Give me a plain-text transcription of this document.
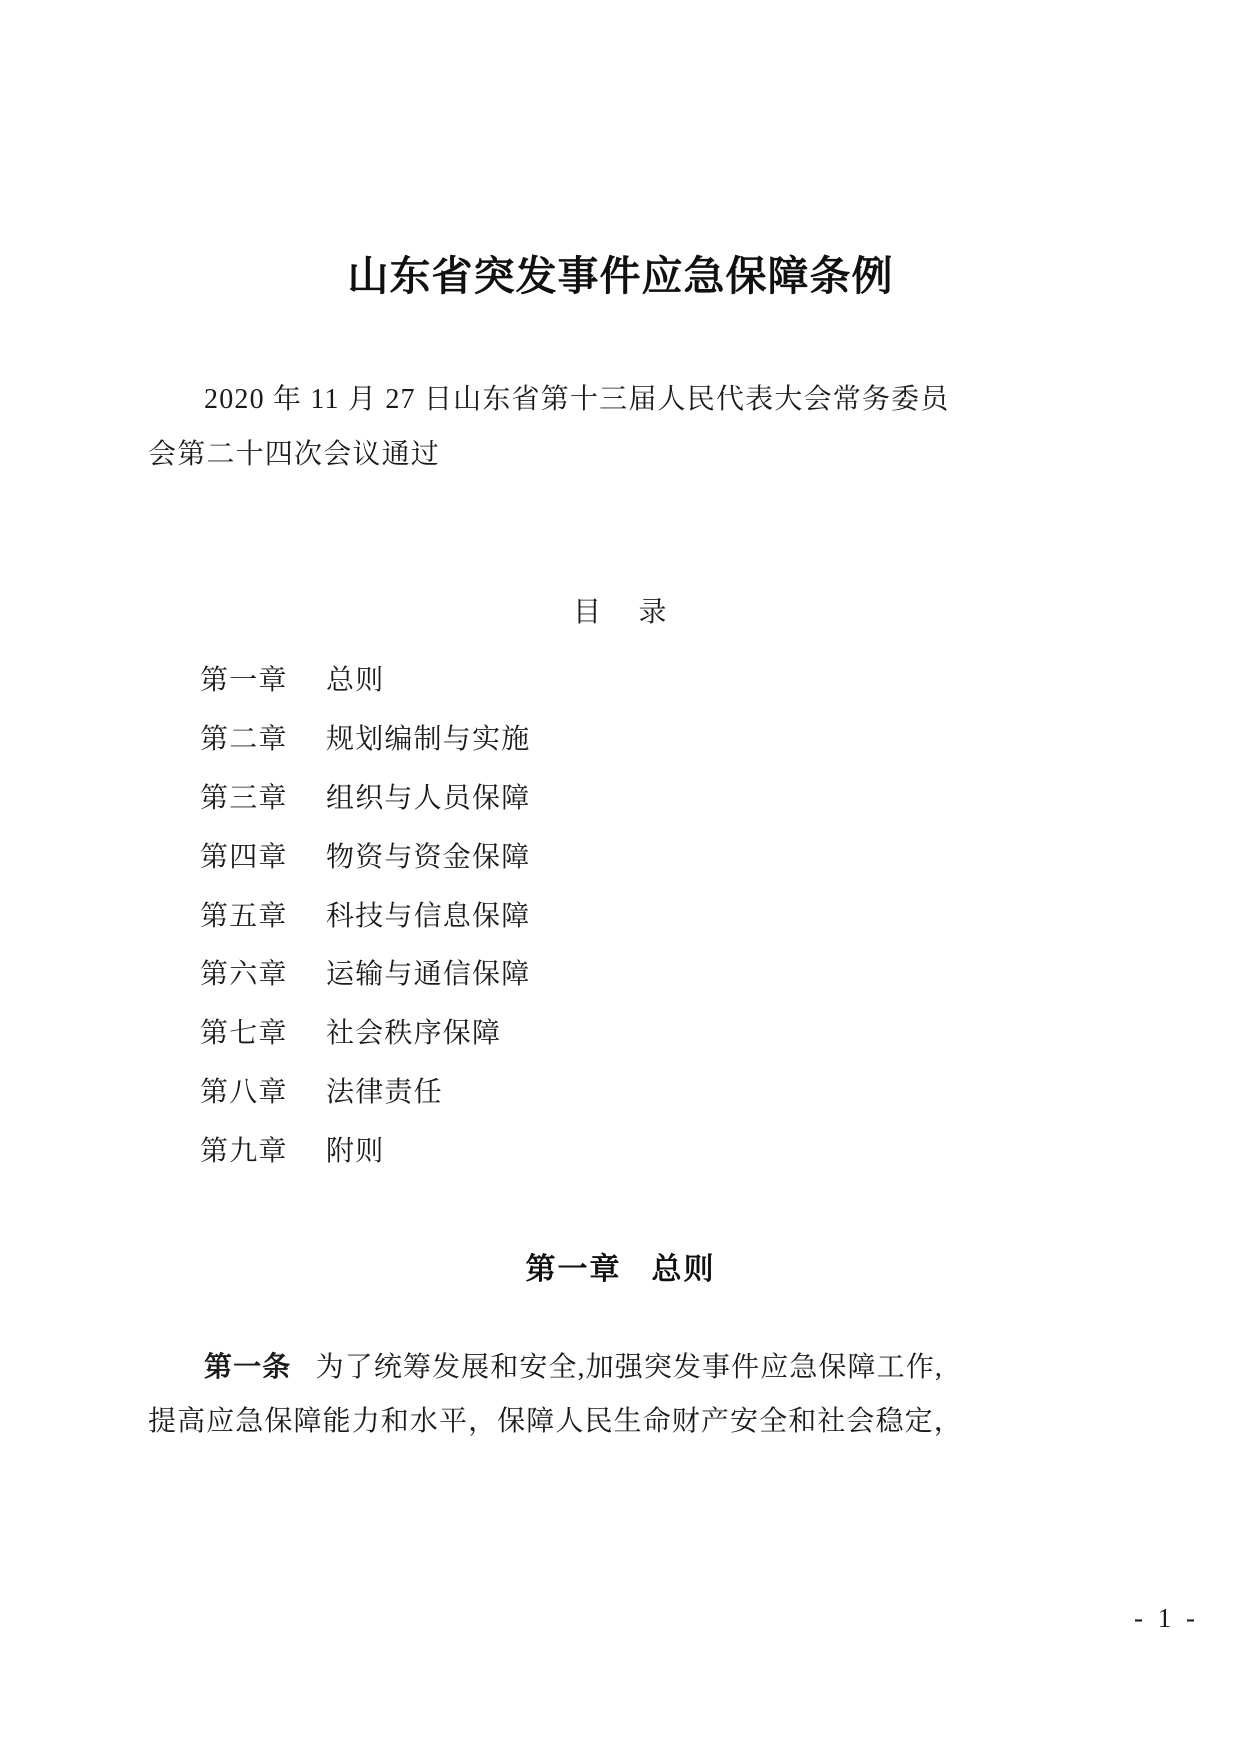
山东省突发事件应急保障条例
2020 年 11 月 27 日山东省第十三届人民代表大会常务委员
会第二十四次会议通过
目 录
第一章 总则
第二章 规划编制与实施
第三章 组织与人员保障
第四章 物资与资金保障
第五章 科技与信息保障
第六章 运输与通信保障
第七章 社会秩序保障
第八章 法律责任
第九章 附则
第一章 总则
第一条 为了统筹发展和安全,加强突发事件应急保障工作,
提高应急保障能力和水平，保障人民生命财产安全和社会稳定，
- 1 -
